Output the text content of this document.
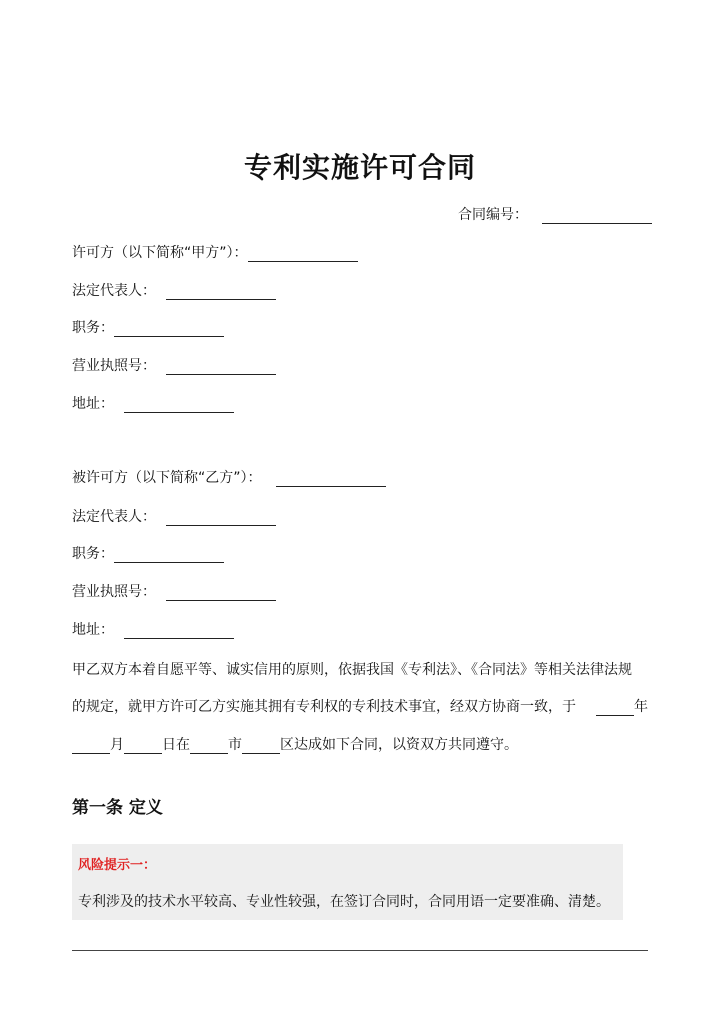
专利实施许可合同
合同编号：
许可方（以下简称“甲方”）：
法定代表人：
职务：
营业执照号：
地址：
被许可方（以下简称“乙方”）：
法定代表人：
职务：
营业执照号：
地址：
甲乙双方本着自愿平等、诚实信用的原则，依据我国《专利法》、《合同法》等相关法律法规
的规定，就甲方许可乙方实施其拥有专利权的专利技术事宜，经双方协商一致，于	年
月	日在	市	区达成如下合同，以资双方共同遵守。
第一条 定义
风险提示一：
专利涉及的技术水平较高、专业性较强，在签订合同时，合同用语一定要准确、清楚。
